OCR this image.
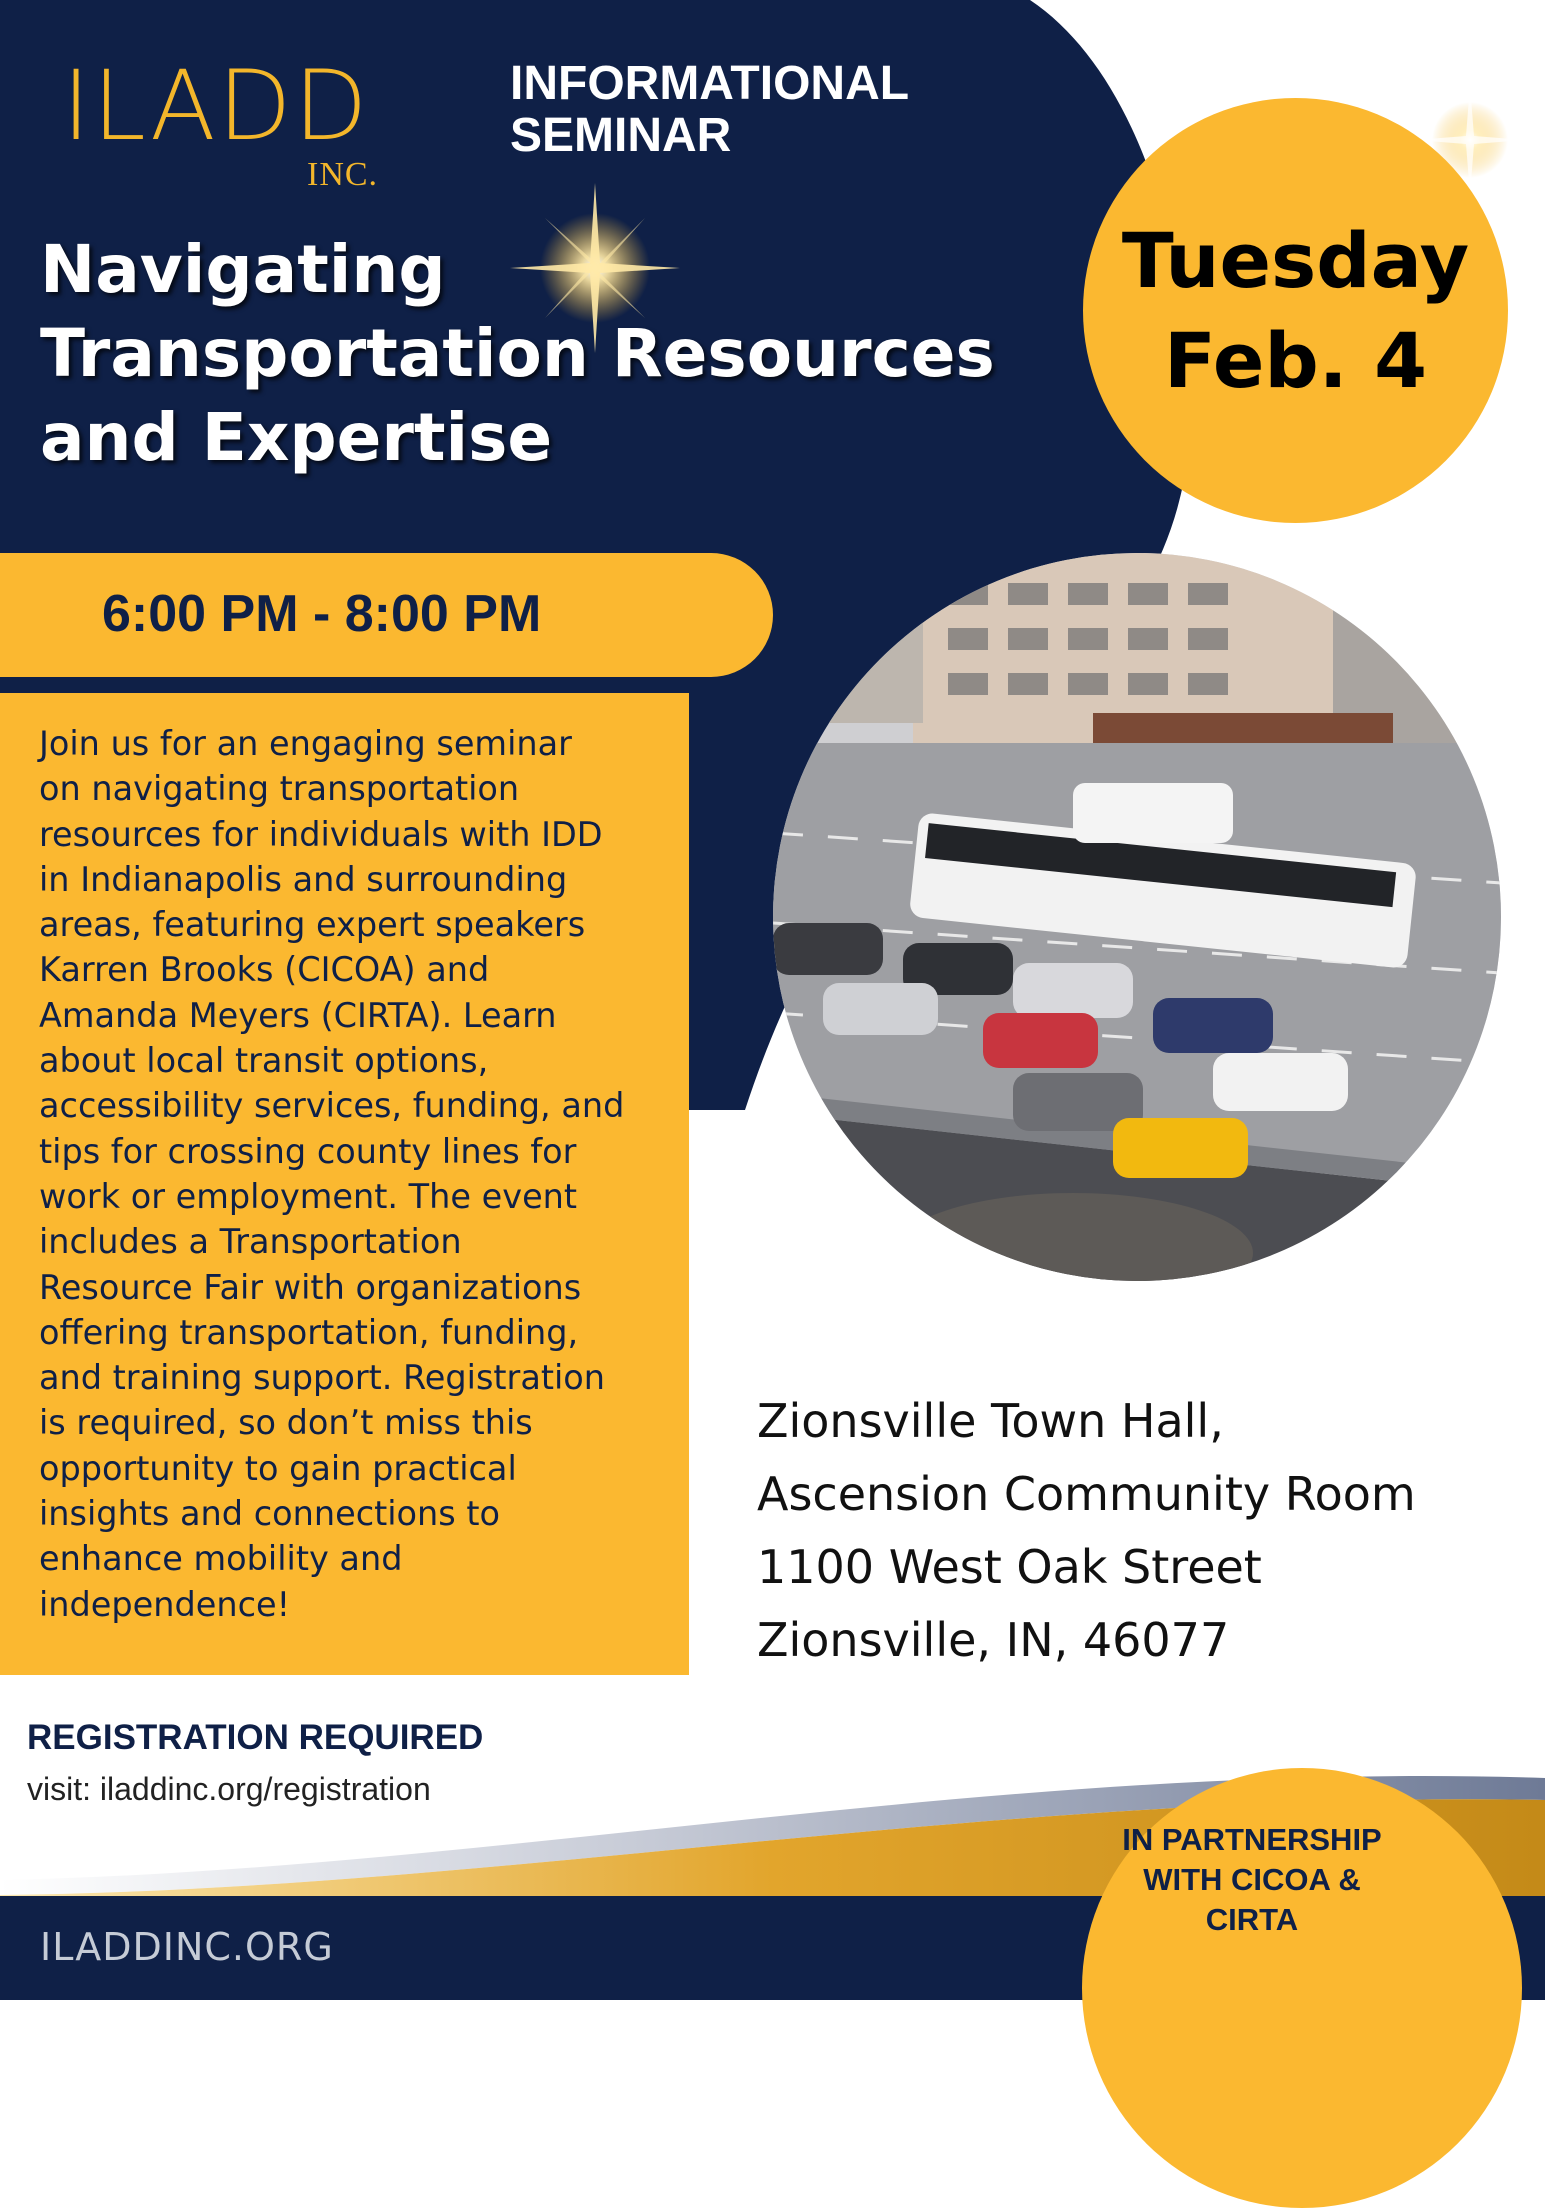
ILADD
INC.
INFORMATIONAL
SEMINAR
Navigating
Transportation Resources
and Expertise
Tuesday
Feb. 4
6:00 PM - 8:00 PM
Join us for an engaging seminar
on navigating transportation
resources for individuals with IDD
in Indianapolis and surrounding
areas, featuring expert speakers
Karren Brooks (CICOA) and
Amanda Meyers (CIRTA). Learn
about local transit options,
accessibility services, funding, and
tips for crossing county lines for
work or employment. The event
includes a Transportation
Resource Fair with organizations
offering transportation, funding,
and training support. Registration
is required, so don’t miss this
opportunity to gain practical
insights and connections to
enhance mobility and
independence!
Zionsville Town Hall,
Ascension Community Room
1100 West Oak Street
Zionsville, IN, 46077
REGISTRATION REQUIRED
visit: iladdinc.org/registration
ILADDINC.ORG
IN PARTNERSHIP
WITH CICOA &
CIRTA
